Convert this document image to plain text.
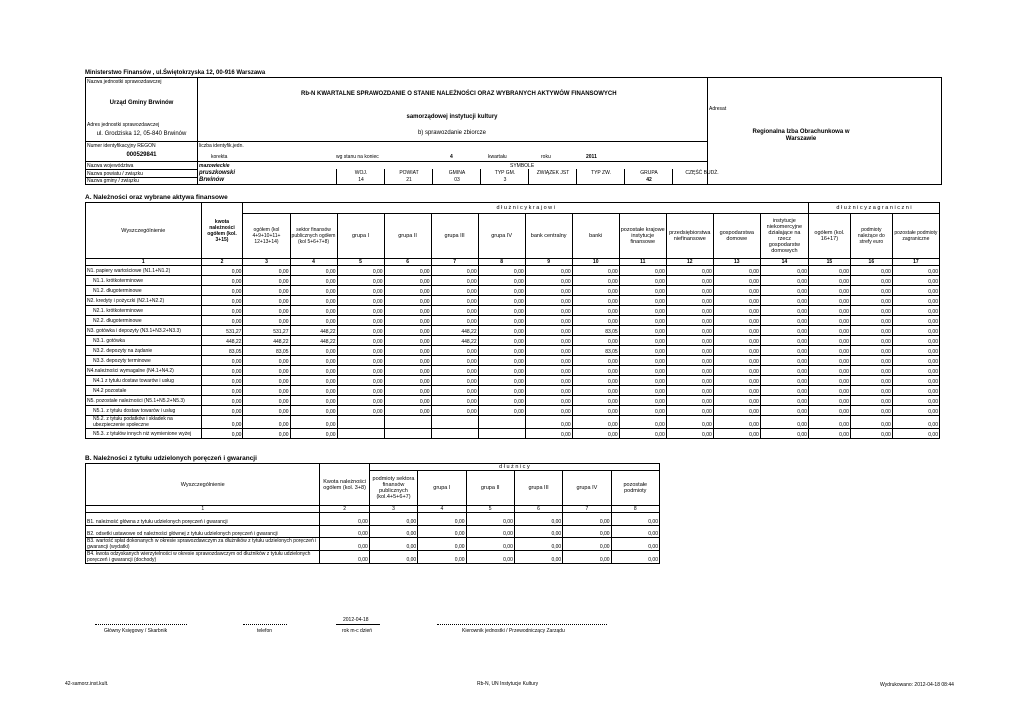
Ministerstwo Finansów , ul.Świętokrzyska 12, 00-916 Warszawa
Nazwa jednostki sprawozdawczej
Urząd Gminy Brwinów
Adres jednostki sprawozdawczej
ul. Grodziska 12, 05-840 Brwinów
Numer identyfikacyjny REGON
000529841
Nazwa województwa
Nazwa powiatu / związku
Nazwa gminy / związku
Rb-N KWARTALNE SPRAWOZDANIE O STANIE NALEŻNOŚCI ORAZ WYBRANYCH AKTYWÓW FINANSOWYCH
samorządowej instytucji kultury
b) sprawozdanie zbiorcze
liczba identyfik.jedn.
korekta	wg stanu na koniec	4	kwartału	roku	2011
mazowieckie	SYMBOLE
pruszkowski
Brwinów
WOJ.
14
POWIAT
21
GMINA
03
TYP GM.
3
ZWIĄZEK JST	TYP ZW.	GRUPA
42
CZĘŚĆ BUDŻ.
Adresat
Regionalna Izba Obrachunkowa w Warszawie
A. Należności oraz wybrane aktywa finansowe
Wyszczególnienie	kwota należności ogółem (kol. 3+15)	d ł u ż n i c y k r a j o w i												d ł u ż n i c y z a g r a n i c z n i		
		ogółem (kol 4+9+10+11+ 12+13+14)	sektor finansów publicznych ogółem (kol 5+6+7+8)	grupa I	grupa II	grupa III	grupa IV	bank centralny	banki	pozostałe krajowe instytucje finansowe	przedsiębiorstwa niefinansowe	gospodarstwa domowe	instytucje niekomercyjne działające na rzecz gospodarstw domowych	ogółem (kol. 16+17)	podmioty należące do strefy euro	pozostałe podmioty zagraniczne
1	2	3	4	5	6	7	8	9	10	11	12	13	14	15	16	17
N1. papiery wartościowe (N1.1+N1.2)	0,00	0,00	0,00	0,00	0,00	0,00	0,00	0,00	0,00	0,00	0,00	0,00	0,00	0,00	0,00	0,00
N1.1. krótkoterminowe	0,00	0,00	0,00	0,00	0,00	0,00	0,00	0,00	0,00	0,00	0,00	0,00	0,00	0,00	0,00	0,00
N1.2. długoterminowe	0,00	0,00	0,00	0,00	0,00	0,00	0,00	0,00	0,00	0,00	0,00	0,00	0,00	0,00	0,00	0,00
N2. kredyty i pożyczki (N2.1+N2.2)	0,00	0,00	0,00	0,00	0,00	0,00	0,00	0,00	0,00	0,00	0,00	0,00	0,00	0,00	0,00	0,00
N2.1. krótkoterminowe	0,00	0,00	0,00	0,00	0,00	0,00	0,00	0,00	0,00	0,00	0,00	0,00	0,00	0,00	0,00	0,00
N2.2. długoterminowe	0,00	0,00	0,00	0,00	0,00	0,00	0,00	0,00	0,00	0,00	0,00	0,00	0,00	0,00	0,00	0,00
N3. gotówka i depozyty (N3.1+N3.2+N3.3)	531,27	531,27	448,22	0,00	0,00	448,22	0,00	0,00	83,05	0,00	0,00	0,00	0,00	0,00	0,00	0,00
N3.1. gotówka	448,22	448,22	448,22	0,00	0,00	448,22	0,00	0,00	0,00	0,00	0,00	0,00	0,00	0,00	0,00	0,00
N3.2. depozyty na żądanie	83,05	83,05	0,00	0,00	0,00	0,00	0,00	0,00	83,05	0,00	0,00	0,00	0,00	0,00	0,00	0,00
N3.3. depozyty terminowe	0,00	0,00	0,00	0,00	0,00	0,00	0,00	0,00	0,00	0,00	0,00	0,00	0,00	0,00	0,00	0,00
N4.należności wymagalne (N4.1+N4.2)	0,00	0,00	0,00	0,00	0,00	0,00	0,00	0,00	0,00	0,00	0,00	0,00	0,00	0,00	0,00	0,00
N4.1 z tytułu dostaw towarów i usług	0,00	0,00	0,00	0,00	0,00	0,00	0,00	0,00	0,00	0,00	0,00	0,00	0,00	0,00	0,00	0,00
N4.2 pozostałe	0,00	0,00	0,00	0,00	0,00	0,00	0,00	0,00	0,00	0,00	0,00	0,00	0,00	0,00	0,00	0,00
N5. pozostałe należności (N5.1+N5.2+N5.3)	0,00	0,00	0,00	0,00	0,00	0,00	0,00	0,00	0,00	0,00	0,00	0,00	0,00	0,00	0,00	0,00
N5.1. z tytułu dostaw towarów i usług	0,00	0,00	0,00	0,00	0,00	0,00	0,00	0,00	0,00	0,00	0,00	0,00	0,00	0,00	0,00	0,00
N5.2. z tytułu podatków i składek na ubezpieczenie społeczne	0,00	0,00	0,00					0,00	0,00	0,00	0,00	0,00	0,00	0,00	0,00	0,00
N5.3. z tytułów innych niż wymienione wyżej	0,00	0,00	0,00					0,00	0,00	0,00	0,00	0,00	0,00	0,00	0,00	0,00
B. Należności z tytułu udzielonych poręczeń i gwarancji
Wyszczególnienie	Kwota należności ogółem (kol. 3+8)	d ł u ż n i c y					
		podmioty sektora finansów publicznych (kol.4+5+6+7)	grupa I	grupa II	grupa III	grupa IV	pozostałe podmioty
1	2	3	4	5	6	7	8
B1. należność główna z tytułu udzielonych poręczeń i gwarancji	0,00	0,00	0,00	0,00	0,00	0,00	0,00
B2. odsetki ustawowe od należności głównej z tytułu udzielonych poręczeń i gwarancji	0,00	0,00	0,00	0,00	0,00	0,00	0,00
B3. wartość spłat dokonanych w okresie sprawozdawczym za dłużników z tytułu udzielonych poręczeń i gwarancji (wydatki)	0,00	0,00	0,00	0,00	0,00	0,00	0,00
B4. kwota odzyskanych wierzytelności w okresie sprawozdawczym od dłużników z tytułu udzielonych poręczeń i gwarancji (dochody)	0,00	0,00	0,00	0,00	0,00	0,00	0,00
Główny Księgowy / Skarbnik	telefon
2012-04-18
rok m-c dzień	Kierownik jednostki / Przewodniczący Zarządu
42-samorz.inst.kult.	Rb-N, UN Instytucje Kultury	Wydrukowano: 2012-04-18 08:44
